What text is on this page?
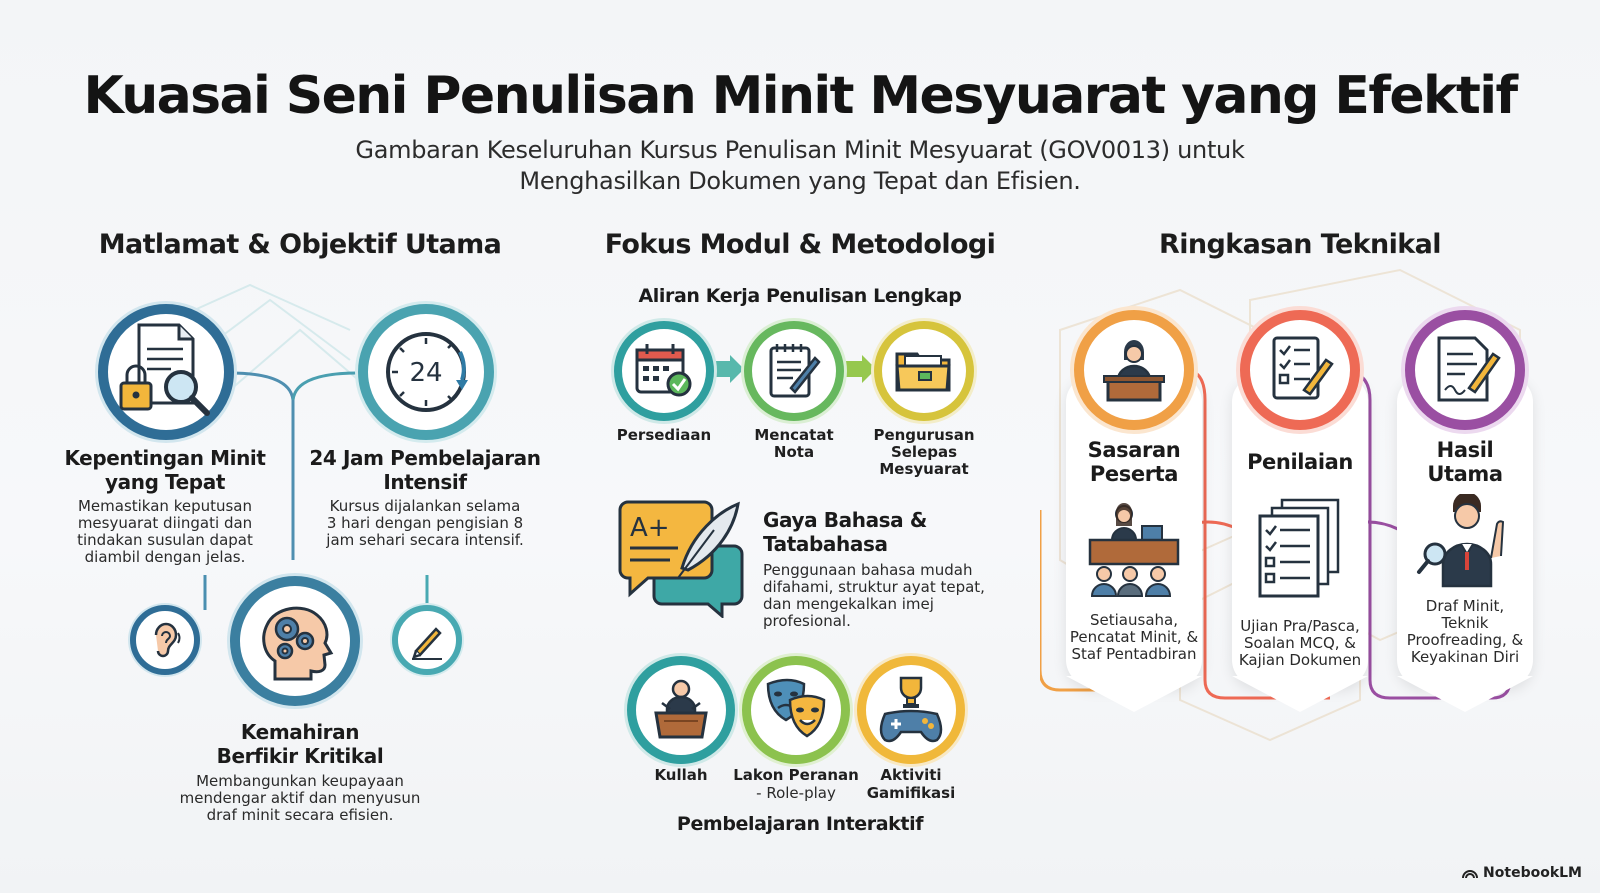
Kuasai Seni Penulisan Minit Mesyuarat yang Efektif
Gambaran Keseluruhan Kursus Penulisan Minit Mesyuarat (GOV0013) untuk
Menghasilkan Dokumen yang Tepat dan Efisien.
Matlamat & Objektif Utama
Kepentingan Minit
yang Tepat
Memastikan keputusan
mesyuarat diingati dan
tindakan susulan dapat
diambil dengan jelas.
24
24 Jam Pembelajaran
Intensif
Kursus dijalankan selama
3 hari dengan pengisian 8
jam sehari secara intensif.
Kemahiran
Berfikir Kritikal
Membangunkan keupayaan
mendengar aktif dan menyusun
draf minit secara efisien.
Fokus Modul & Metodologi
Aliran Kerja Penulisan Lengkap
Persediaan	Mencatat
Nota
Pengurusan
Selepas
Mesyuarat
A+	Gaya Bahasa &
Tatabahasa
Penggunaan bahasa mudah
difahami, struktur ayat tepat,
dan mengekalkan imej
profesional.
Kullah	Lakon Peranan
- Role-play
Aktiviti
Gamifikasi
Pembelajaran Interaktif
Ringkasan Teknikal
Sasaran
Peserta
Setiausaha,
Pencatat Minit, &
Staf Pentadbiran
Penilaian
Ujian Pra/Pasca,
Soalan MCQ, &
Kajian Dokumen
Hasil
Utama
Draf Minit,
Teknik
Proofreading, &
Keyakinan Diri
NotebookLM
